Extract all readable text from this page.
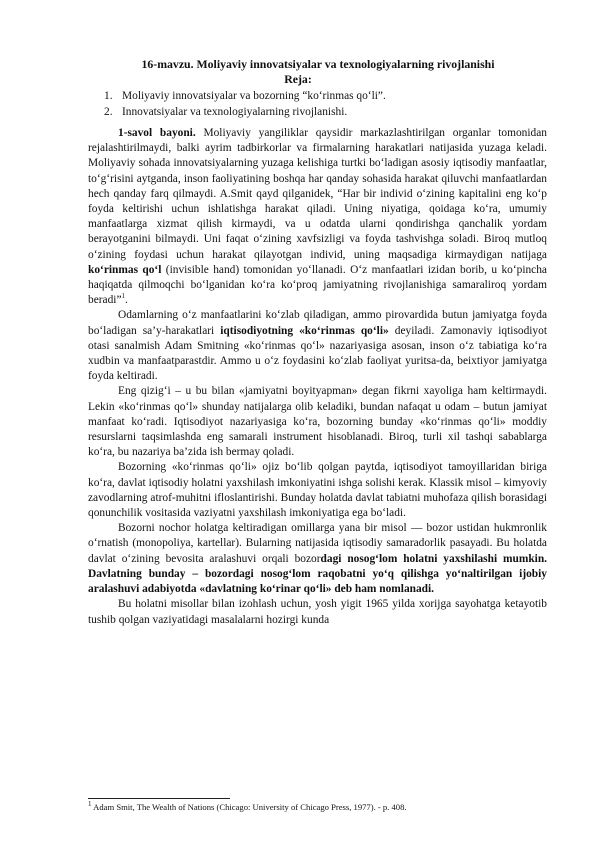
16-mavzu. Moliyaviy innovatsiyalar va texnologiyalarning rivojlanishi
Reja:
1. Moliyaviy innovatsiyalar va bozorning “ko‘rinmas qo‘li”.
2. Innovatsiyalar va texnologiyalarning rivojlanishi.

1-savol bayoni. Moliyaviy yangiliklar qaysidir markazlashtirilgan organlar tomonidan rejalashtirilmaydi, balki ayrim tadbirkorlar va firmalarning harakatlari natijasida yuzaga keladi. Moliyaviy sohada innovatsiyalarning yuzaga kelishiga turtki bo‘ladigan asosiy iqtisodiy manfaatlar, to‘g‘risini aytganda, inson faoliyatining boshqa har qanday sohasida harakat qiluvchi manfaatlardan hech qanday farq qilmaydi. A.Smit qayd qilganidek, “Har bir individ o‘zining kapitalini eng ko‘p foyda keltirishi uchun ishlatishga harakat qiladi. Uning niyatiga, qoidaga ko‘ra, umumiy manfaatlarga xizmat qilish kirmaydi, va u odatda ularni qondirishga qanchalik yordam berayotganini bilmaydi. Uni faqat o‘zining xavfsizligi va foyda tashvishga soladi. Biroq mutloq o‘zining foydasi uchun harakat qilayotgan individ, uning maqsadiga kirmaydigan natijaga ko‘rinmas qo‘l (invisible hand) tomonidan yo‘llanadi. O‘z manfaatlari izidan borib, u ko‘pincha haqiqatda qilmoqchi bo‘lganidan ko‘ra ko‘proq jamiyatning rivojlanishiga samaraliroq yordam beradi”$^1$.

Odamlarning o‘z manfaatlarini ko‘zlab qiladigan, ammo pirovardida butun jamiyatga foyda bo‘ladigan sa’y-harakatlari iqtisodiyotning «ko‘rinmas qo‘li» deyiladi. Zamonaviy iqtisodiyot otasi sanalmish Adam Smitning «ko‘rinmas qo‘l» nazariyasiga asosan, inson o‘z tabiatiga ko‘ra xudbin va manfaatparastdir. Ammo u o‘z foydasini ko‘zlab faoliyat yuritsa-da, beixtiyor jamiyatga foyda keltiradi.

Eng qizig‘i – u bu bilan «jamiyatni boyityapman» degan fikrni xayoliga ham keltirmaydi. Lekin «ko‘rinmas qo‘l» shunday natijalarga olib keladiki, bundan nafaqat u odam – butun jamiyat manfaat ko‘radi. Iqtisodiyot nazariyasiga ko‘ra, bozorning bunday «ko‘rinmas qo‘li» moddiy resurslarni taqsimlashda eng samarali instrument hisoblanadi. Biroq, turli xil tashqi sabablarga ko‘ra, bu nazariya ba’zida ish bermay qoladi.

Bozorning «ko‘rinmas qo‘li» ojiz bo‘lib qolgan paytda, iqtisodiyot tamoyillaridan biriga ko‘ra, davlat iqtisodiy holatni yaxshilash imkoniyatini ishga solishi kerak. Klassik misol – kimyoviy zavodlarning atrof-muhitni ifloslantirishi. Bunday holatda davlat tabiatni muhofaza qilish borasidagi qonunchilik vositasida vaziyatni yaxshilash imkoniyatiga ega bo‘ladi.

Bozorni nochor holatga keltiradigan omillarga yana bir misol — bozor ustidan hukmronlik o‘rnatish (monopoliya, kartellar). Bularning natijasida iqtisodiy samaradorlik pasayadi. Bu holatda davlat o‘zining bevosita aralashuvi orqali bozordagi nosog‘lom holatni yaxshilashi mumkin. Davlatning bunday – bozordagi nosog‘lom raqobatni yo‘q qilishga yo‘naltirilgan ijobiy aralashuvi adabiyotda «davlatning ko‘rinar qo‘li» deb ham nomlanadi.

Bu holatni misollar bilan izohlash uchun, yosh yigit 1965 yilda xorijga sayohatga ketayotib tushib qolgan vaziyatidagi masalalarni hozirgi kunda

$^1$ Adam Smit, The Wealth of Nations (Chicago: University of Chicago Press, 1977). - p. 408.
